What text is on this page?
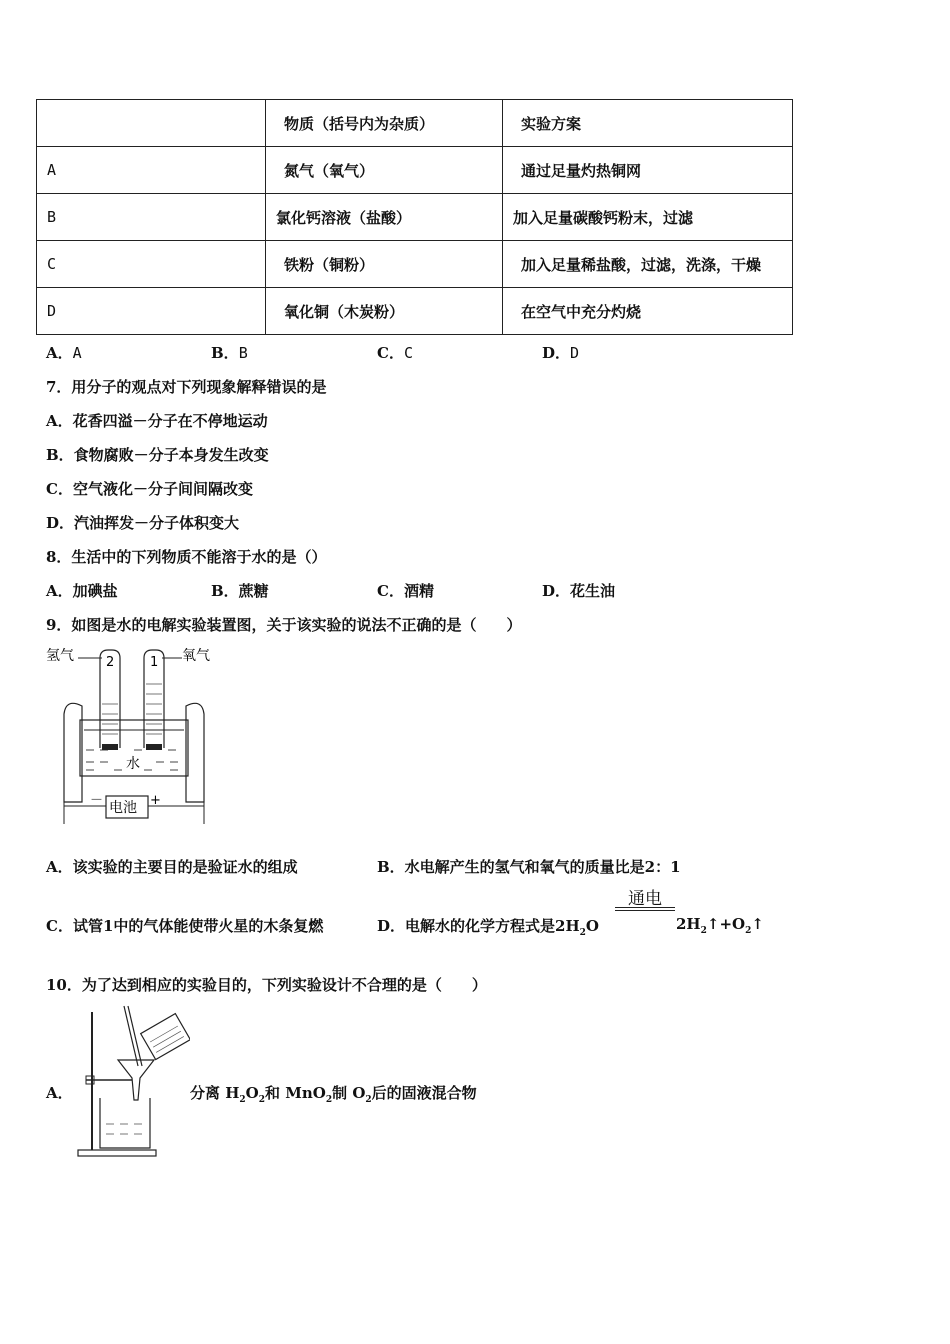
	物质（括号内为杂质）	实验方案
A	氮气（氧气）	通过足量灼热铜网
B	氯化钙溶液（盐酸）	加入足量碳酸钙粉末，过滤
C	铁粉（铜粉）	加入足量稀盐酸，过滤，洗涤，干燥
D	氧化铜（木炭粉）	在空气中充分灼烧
A．A	B．B	C．C	D．D
7．用分子的观点对下列现象解释错误的是
A．花香四溢－分子在不停地运动
B．食物腐败－分子本身发生改变
C．空气液化－分子间间隔改变
D．汽油挥发－分子体积变大
8．生活中的下列物质不能溶于水的是（）
A．加碘盐	B．蔗糖	C．酒精	D．花生油
9．如图是水的电解实验装置图，关于该实验的说法不正确的是（　　）
氢气	氧气
水
2	1
电池
－	+
A．该实验的主要目的是验证水的组成	B．水电解产生的氢气和氧气的质量比是2：1
C．试管1中的气体能使带火星的木条复燃	D．电解水的化学方程式是$2H_2O$
通电
$2H_2↑+O_2↑$
10．为了达到相应的实验目的，下列实验设计不合理的是（　　）
A．	分离 $H_2O_2$和 MnO$_2$制 $O_2$后的固液混合物
